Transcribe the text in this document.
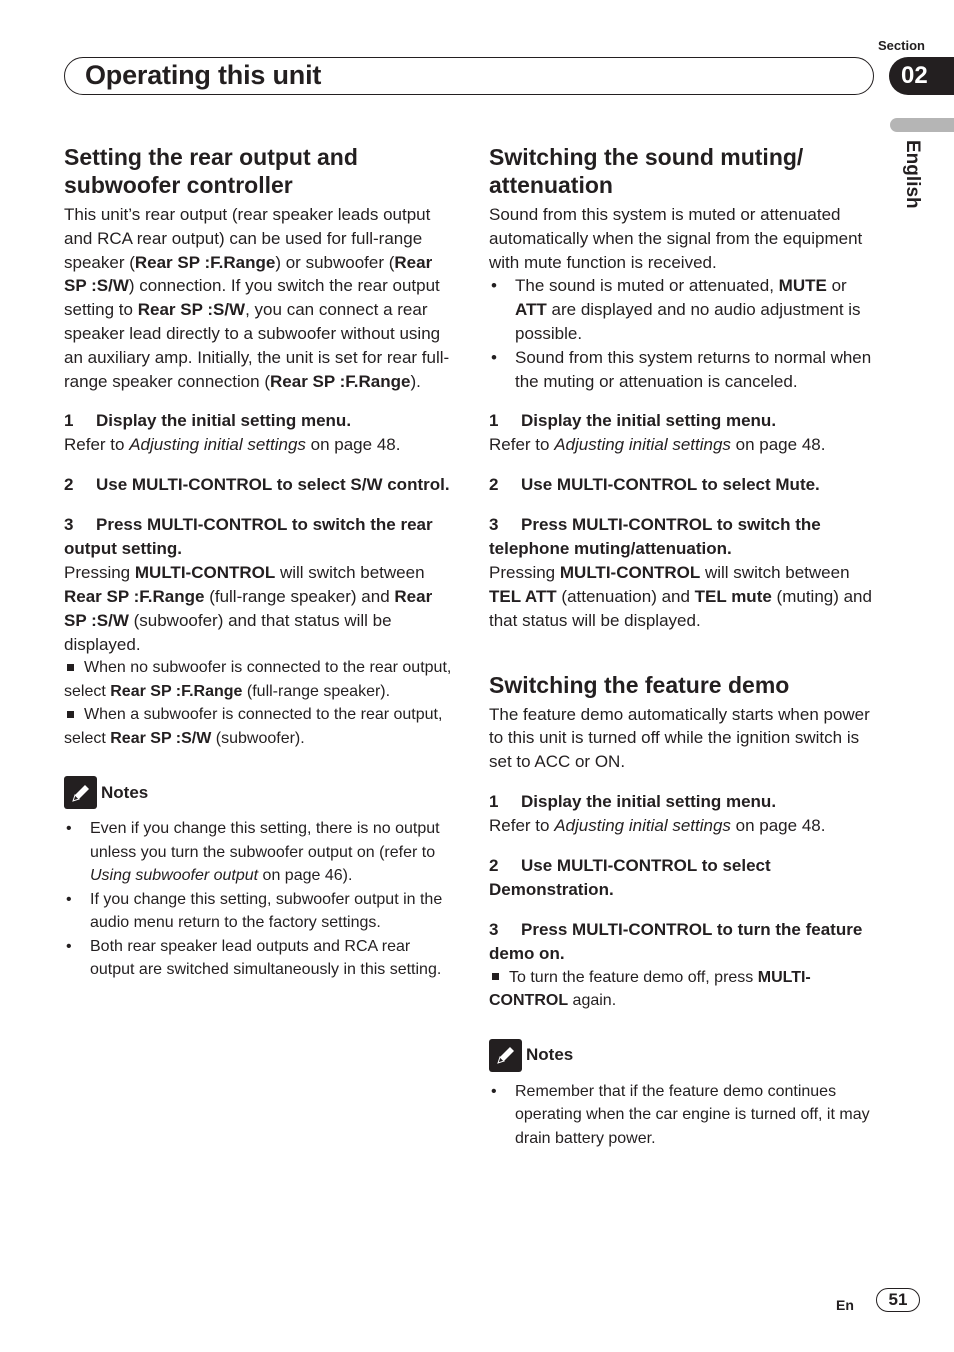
Section
Operating this unit	02
English
Setting the rear output and subwoofer controller

This unit’s rear output (rear speaker leads output and RCA rear output) can be used for full-range speaker (Rear SP :F.Range) or subwoofer (Rear SP :S/W) connection. If you switch the rear output setting to Rear SP :S/W, you can connect a rear speaker lead directly to a subwoofer without using an auxiliary amp. Initially, the unit is set for rear full-range speaker connection (Rear SP :F.Range).

1 Display the initial setting menu.

Refer to Adjusting initial settings on page 48.

2 Use MULTI-CONTROL to select S/W control.
3 Press MULTI-CONTROL to switch the rear output setting.

Pressing MULTI-CONTROL will switch between Rear SP :F.Range (full-range speaker) and Rear SP :S/W (subwoofer) and that status will be displayed.

When no subwoofer is connected to the rear output, select Rear SP :F.Range (full-range speaker).

When a subwoofer is connected to the rear output, select Rear SP :S/W (subwoofer).

Notes
• Even if you change this setting, there is no output unless you turn the subwoofer output on (refer to Using subwoofer output on page 46).
• If you change this setting, subwoofer output in the audio menu return to the factory settings.
• Both rear speaker lead outputs and RCA rear output are switched simultaneously in this setting.
Switching the sound muting/ attenuation

Sound from this system is muted or attenuated automatically when the signal from the equipment with mute function is received.

• The sound is muted or attenuated, MUTE or ATT are displayed and no audio adjustment is possible.
• Sound from this system returns to normal when the muting or attenuation is canceled.
1 Display the initial setting menu.

Refer to Adjusting initial settings on page 48.

2 Use MULTI-CONTROL to select Mute.
3 Press MULTI-CONTROL to switch the telephone muting/attenuation.

Pressing MULTI-CONTROL will switch between TEL ATT (attenuation) and TEL mute (muting) and that status will be displayed.

Switching the feature demo

The feature demo automatically starts when power to this unit is turned off while the ignition switch is set to ACC or ON.

1 Display the initial setting menu.

Refer to Adjusting initial settings on page 48.

2 Use MULTI-CONTROL to select Demonstration.
3 Press MULTI-CONTROL to turn the feature demo on.

To turn the feature demo off, press MULTI-CONTROL again.

Notes
• Remember that if the feature demo continues operating when the car engine is turned off, it may drain battery power.
En	51
